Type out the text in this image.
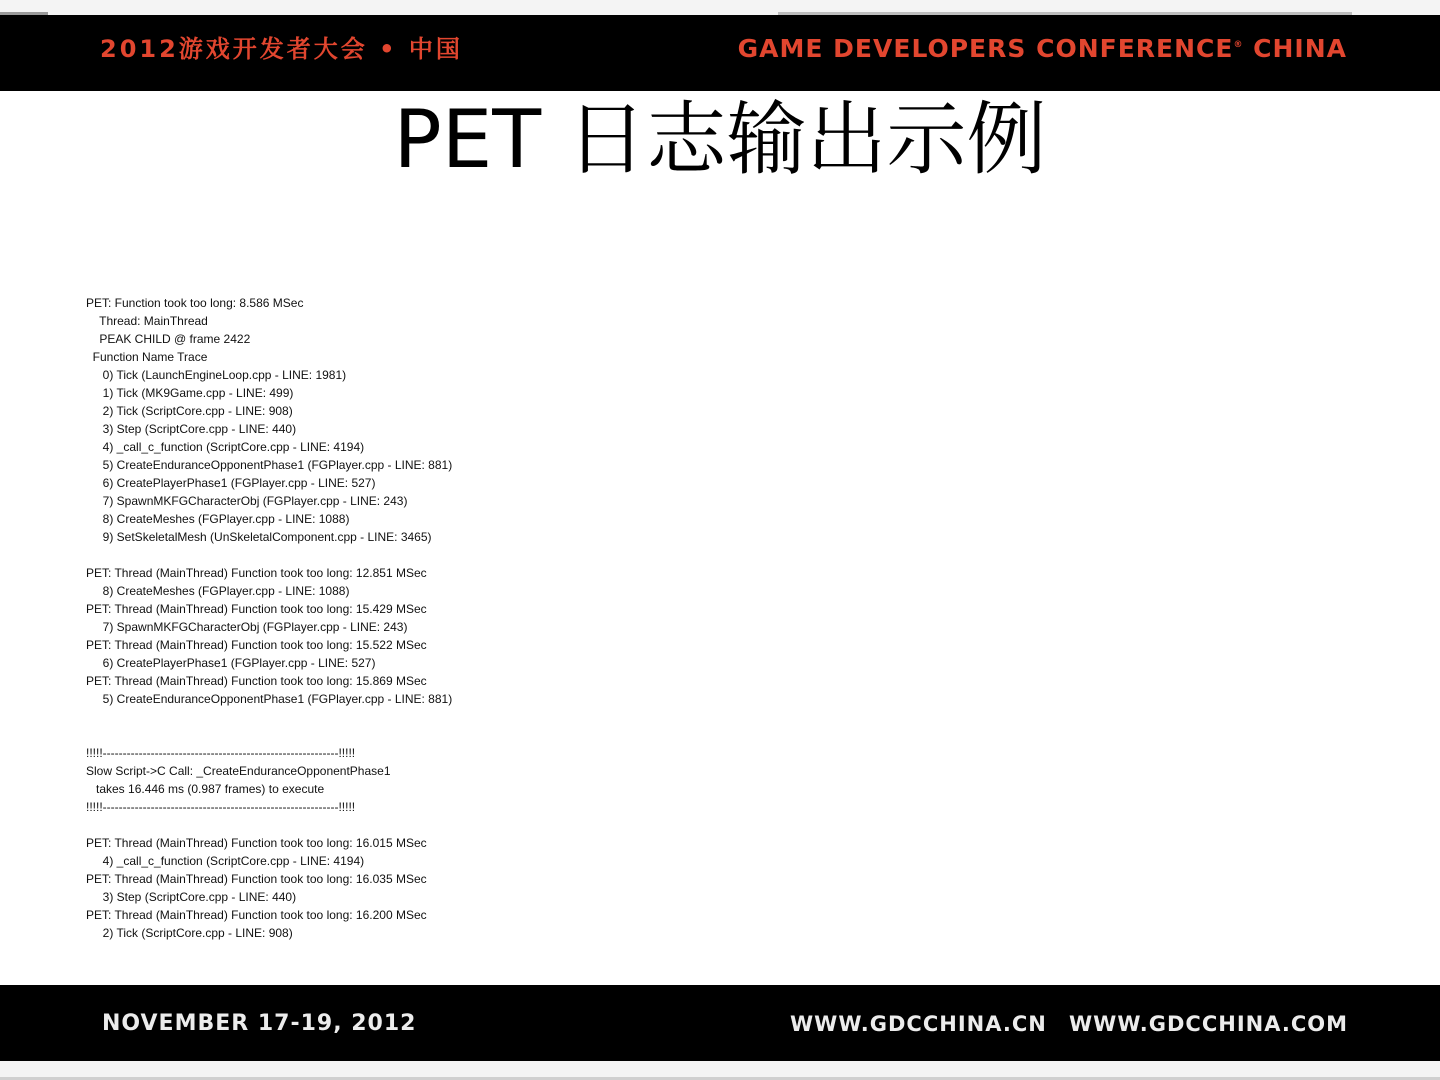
2012游戏开发者大会 • 中国	GAME DEVELOPERS CONFERENCE® CHINA
PET 日志输出示例
PET: Function took too long: 8.586 MSec
Thread: MainThread
PEAK CHILD @ frame 2422
Function Name Trace
0) Tick (LaunchEngineLoop.cpp - LINE: 1981)
1) Tick (MK9Game.cpp - LINE: 499)
2) Tick (ScriptCore.cpp - LINE: 908)
3) Step (ScriptCore.cpp - LINE: 440)
4) _call_c_function (ScriptCore.cpp - LINE: 4194)
5) CreateEnduranceOpponentPhase1 (FGPlayer.cpp - LINE: 881)
6) CreatePlayerPhase1 (FGPlayer.cpp - LINE: 527)
7) SpawnMKFGCharacterObj (FGPlayer.cpp - LINE: 243)
8) CreateMeshes (FGPlayer.cpp - LINE: 1088)
9) SetSkeletalMesh (UnSkeletalComponent.cpp - LINE: 3465)
PET: Thread (MainThread) Function took too long: 12.851 MSec
8) CreateMeshes (FGPlayer.cpp - LINE: 1088)
PET: Thread (MainThread) Function took too long: 15.429 MSec
7) SpawnMKFGCharacterObj (FGPlayer.cpp - LINE: 243)
PET: Thread (MainThread) Function took too long: 15.522 MSec
6) CreatePlayerPhase1 (FGPlayer.cpp - LINE: 527)
PET: Thread (MainThread) Function took too long: 15.869 MSec
5) CreateEnduranceOpponentPhase1 (FGPlayer.cpp - LINE: 881)
!!!!!-----------------------------------------------------------!!!!!
Slow Script->C Call: _CreateEnduranceOpponentPhase1
takes 16.446 ms (0.987 frames) to execute
!!!!!-----------------------------------------------------------!!!!!
PET: Thread (MainThread) Function took too long: 16.015 MSec
4) _call_c_function (ScriptCore.cpp - LINE: 4194)
PET: Thread (MainThread) Function took too long: 16.035 MSec
3) Step (ScriptCore.cpp - LINE: 440)
PET: Thread (MainThread) Function took too long: 16.200 MSec
2) Tick (ScriptCore.cpp - LINE: 908)
NOVEMBER 17-19, 2012	WWW.GDCCHINA.CN WWW.GDCCHINA.COM
